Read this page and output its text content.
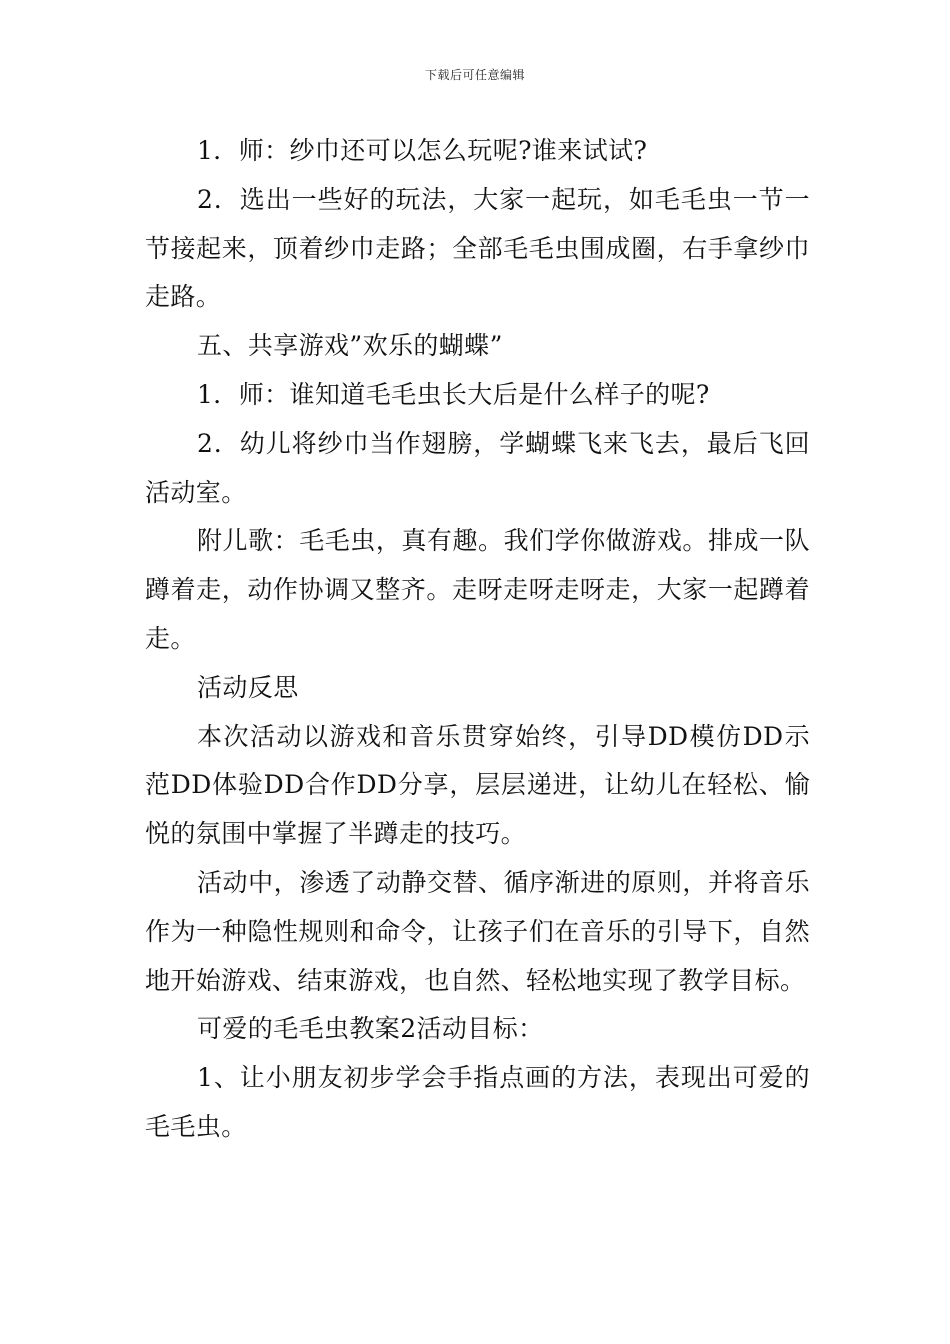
下载后可任意编辑

1．师：纱巾还可以怎么玩呢?谁来试试?

2．选出一些好的玩法，大家一起玩，如毛毛虫一节一节接起来，顶着纱巾走路；全部毛毛虫围成圈，右手拿纱巾走路。

五、共享游戏”欢乐的蝴蝶”

1．师：谁知道毛毛虫长大后是什么样子的呢?

2．幼儿将纱巾当作翅膀，学蝴蝶飞来飞去，最后飞回活动室。

附儿歌：毛毛虫，真有趣。我们学你做游戏。排成一队蹲着走，动作协调又整齐。走呀走呀走呀走，大家一起蹲着走。

活动反思

本次活动以游戏和音乐贯穿始终，引导DD模仿DD示范DD体验DD合作DD分享，层层递进，让幼儿在轻松、愉悦的氛围中掌握了半蹲走的技巧。

活动中，渗透了动静交替、循序渐进的原则，并将音乐作为一种隐性规则和命令，让孩子们在音乐的引导下，自然地开始游戏、结束游戏，也自然、轻松地实现了教学目标。

可爱的毛毛虫教案2活动目标：

1、让小朋友初步学会手指点画的方法，表现出可爱的毛毛虫。
